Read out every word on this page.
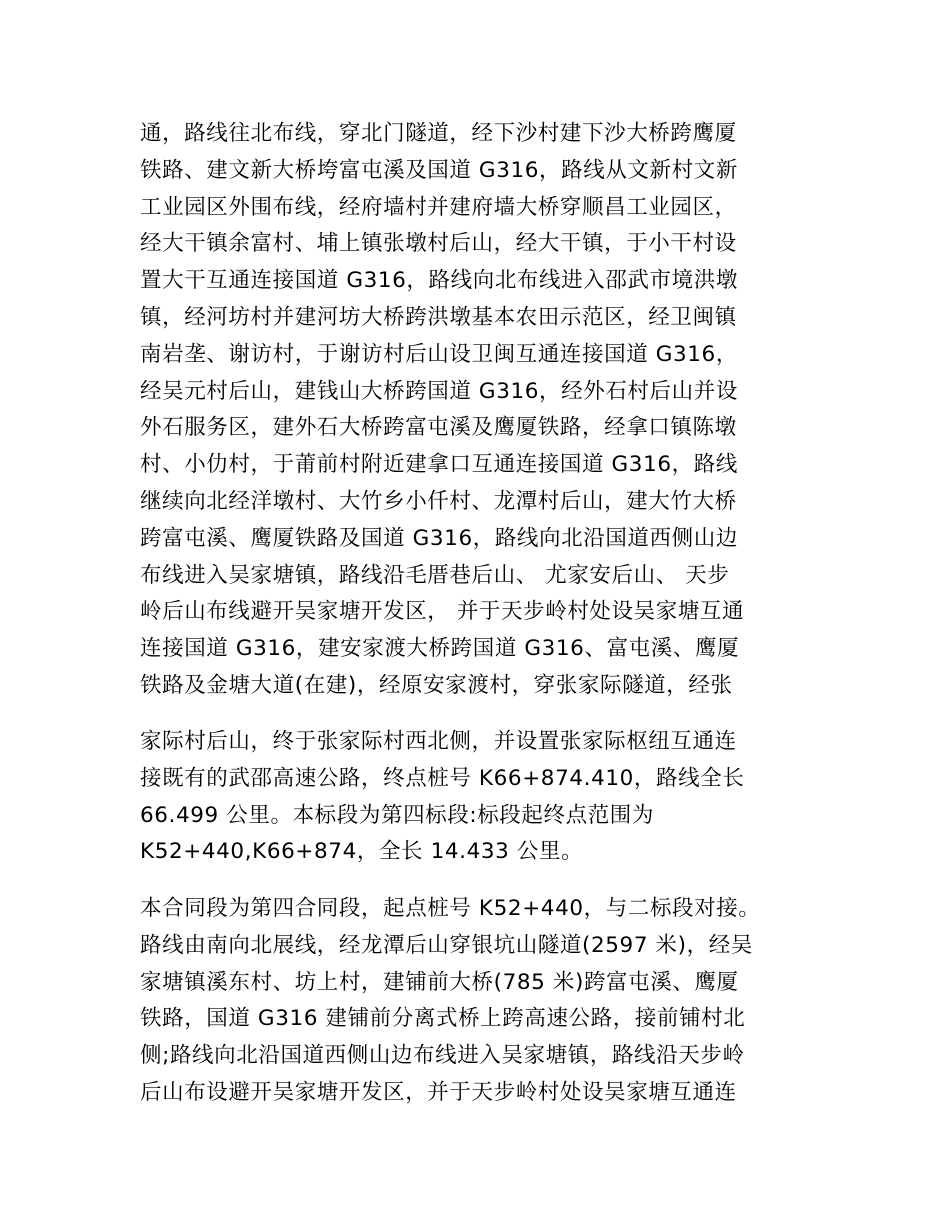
通，路线往北布线，穿北门隧道，经下沙村建下沙大桥跨鹰厦
铁路、建文新大桥垮富屯溪及国道 G316，路线从文新村文新
工业园区外围布线，经府墙村并建府墙大桥穿顺昌工业园区，
经大干镇余富村、埔上镇张墩村后山，经大干镇，于小干村设
置大干互通连接国道 G316，路线向北布线进入邵武市境洪墩
镇，经河坊村并建河坊大桥跨洪墩基本农田示范区，经卫闽镇
南岩垄、谢访村，于谢访村后山设卫闽互通连接国道 G316，
经吴元村后山，建钱山大桥跨国道 G316，经外石村后山并设
外石服务区，建外石大桥跨富屯溪及鹰厦铁路，经拿口镇陈墩
村、小仂村，于莆前村附近建拿口互通连接国道 G316，路线
继续向北经洋墩村、大竹乡小仟村、龙潭村后山，建大竹大桥
跨富屯溪、鹰厦铁路及国道 G316，路线向北沿国道西侧山边
布线进入吴家塘镇，路线沿毛厝巷后山、 尤家安后山、 天步
岭后山布线避开吴家塘开发区， 并于天步岭村处设吴家塘互通
连接国道 G316，建安家渡大桥跨国道 G316、富屯溪、鹰厦
铁路及金塘大道(在建)，经原安家渡村，穿张家际隧道，经张
家际村后山，终于张家际村西北侧，并设置张家际枢纽互通连
接既有的武邵高速公路，终点桩号 K66+874.410，路线全长
66.499 公里。本标段为第四标段:标段起终点范围为
K52+440,K66+874，全长 14.433 公里。
本合同段为第四合同段，起点桩号 K52+440，与二标段对接。
路线由南向北展线，经龙潭后山穿银坑山隧道(2597 米)，经吴
家塘镇溪东村、坊上村，建铺前大桥(785 米)跨富屯溪、鹰厦
铁路，国道 G316 建铺前分离式桥上跨高速公路，接前铺村北
侧;路线向北沿国道西侧山边布线进入吴家塘镇，路线沿天步岭
后山布设避开吴家塘开发区，并于天步岭村处设吴家塘互通连
